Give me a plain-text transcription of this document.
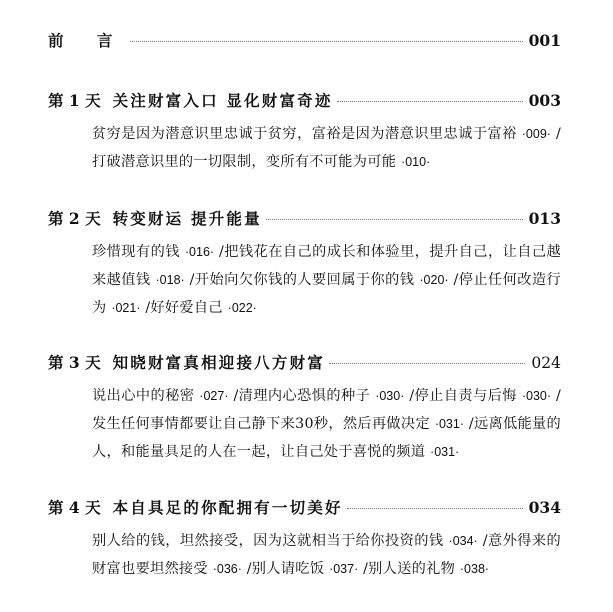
前 言	001
第 1 天 关注财富入口 显化财富奇迹	003
贫穷是因为潜意识里忠诚于贫穷，富裕是因为潜意识里忠诚于富裕 ·009· /打破潜意识里的一切限制，变所有不可能为可能 ·010·
第 2 天 转变财运 提升能量	013
珍惜现有的钱 ·016· /把钱花在自己的成长和体验里，提升自己，让自己越来越值钱 ·018· /开始向欠你钱的人要回属于你的钱 ·020· /停止任何改造行为 ·021· /好好爱自己 ·022·
第 3 天 知晓财富真相迎接八方财富	024
说出心中的秘密 ·027· /清理内心恐惧的种子 ·030· /停止自责与后悔 ·030· /发生任何事情都要让自己静下来30秒，然后再做决定 ·031· /远离低能量的人，和能量具足的人在一起，让自己处于喜悦的频道 ·031·
第 4 天 本自具足的你配拥有一切美好	034
别人给的钱，坦然接受，因为这就相当于给你投资的钱 ·034· /意外得来的财富也要坦然接受 ·036· /别人请吃饭 ·037· /别人送的礼物 ·038·
